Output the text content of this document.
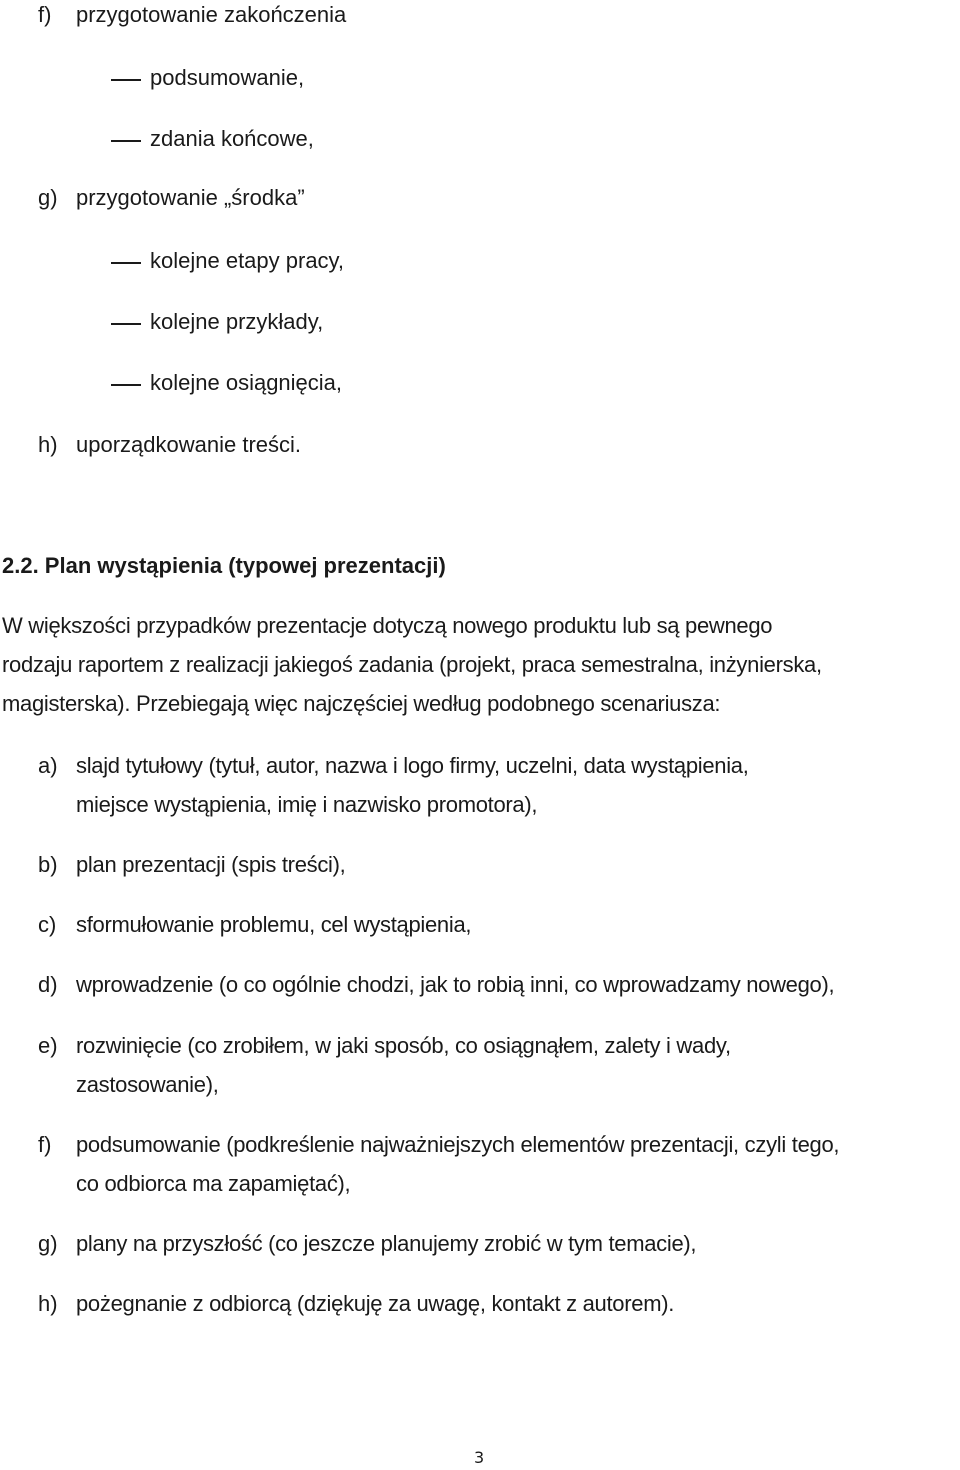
f) przygotowanie zakończenia
podsumowanie,
zdania końcowe,
g) przygotowanie „środka”
kolejne etapy pracy,
kolejne przykłady,
kolejne osiągnięcia,
h) uporządkowanie treści.
2.2. Plan wystąpienia (typowej prezentacji)
W większości przypadków prezentacje dotyczą nowego produktu lub są pewnego
rodzaju raportem z realizacji jakiegoś zadania (projekt, praca semestralna, inżynierska,
magisterska). Przebiegają więc najczęściej według podobnego scenariusza:
a) slajd tytułowy (tytuł, autor, nazwa i logo firmy, uczelni, data wystąpienia,
miejsce wystąpienia, imię i nazwisko promotora),
b) plan prezentacji (spis treści),
c) sformułowanie problemu, cel wystąpienia,
d) wprowadzenie (o co ogólnie chodzi, jak to robią inni, co wprowadzamy nowego),
e) rozwinięcie (co zrobiłem, w jaki sposób, co osiągnąłem, zalety i wady,
zastosowanie),
f) podsumowanie (podkreślenie najważniejszych elementów prezentacji, czyli tego,
co odbiorca ma zapamiętać),
g) plany na przyszłość (co jeszcze planujemy zrobić w tym temacie),
h) pożegnanie z odbiorcą (dziękuję za uwagę, kontakt z autorem).
3
